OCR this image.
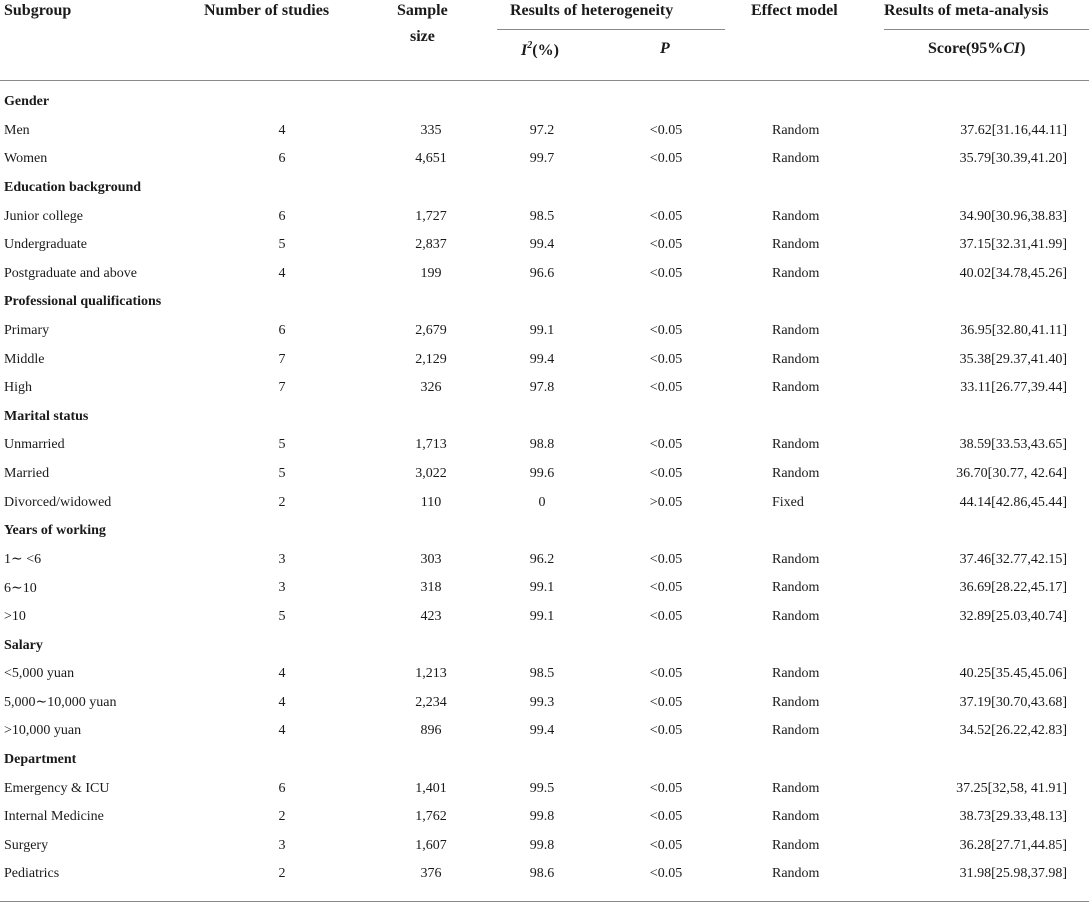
Subgroup	Number of studies	Sample
size
Results of heterogeneity	Effect model	Results of meta-analysis
$I^2(\%)$	P	Score(95%CI)
Gender						
Men	4	335	97.2	<0.05	Random	37.62[31.16,44.11]
Women	6	4,651	99.7	<0.05	Random	35.79[30.39,41.20]
Education background						
Junior college	6	1,727	98.5	<0.05	Random	34.90[30.96,38.83]
Undergraduate	5	2,837	99.4	<0.05	Random	37.15[32.31,41.99]
Postgraduate and above	4	199	96.6	<0.05	Random	40.02[34.78,45.26]
Professional qualifications						
Primary	6	2,679	99.1	<0.05	Random	36.95[32.80,41.11]
Middle	7	2,129	99.4	<0.05	Random	35.38[29.37,41.40]
High	7	326	97.8	<0.05	Random	33.11[26.77,39.44]
Marital status						
Unmarried	5	1,713	98.8	<0.05	Random	38.59[33.53,43.65]
Married	5	3,022	99.6	<0.05	Random	36.70[30.77, 42.64]
Divorced/widowed	2	110	0	>0.05	Fixed	44.14[42.86,45.44]
Years of working						
1∼ <6	3	303	96.2	<0.05	Random	37.46[32.77,42.15]
6∼10	3	318	99.1	<0.05	Random	36.69[28.22,45.17]
>10	5	423	99.1	<0.05	Random	32.89[25.03,40.74]
Salary						
<5,000 yuan	4	1,213	98.5	<0.05	Random	40.25[35.45,45.06]
5,000∼10,000 yuan	4	2,234	99.3	<0.05	Random	37.19[30.70,43.68]
>10,000 yuan	4	896	99.4	<0.05	Random	34.52[26.22,42.83]
Department						
Emergency & ICU	6	1,401	99.5	<0.05	Random	37.25[32,58, 41.91]
Internal Medicine	2	1,762	99.8	<0.05	Random	38.73[29.33,48.13]
Surgery	3	1,607	99.8	<0.05	Random	36.28[27.71,44.85]
Pediatrics	2	376	98.6	<0.05	Random	31.98[25.98,37.98]
